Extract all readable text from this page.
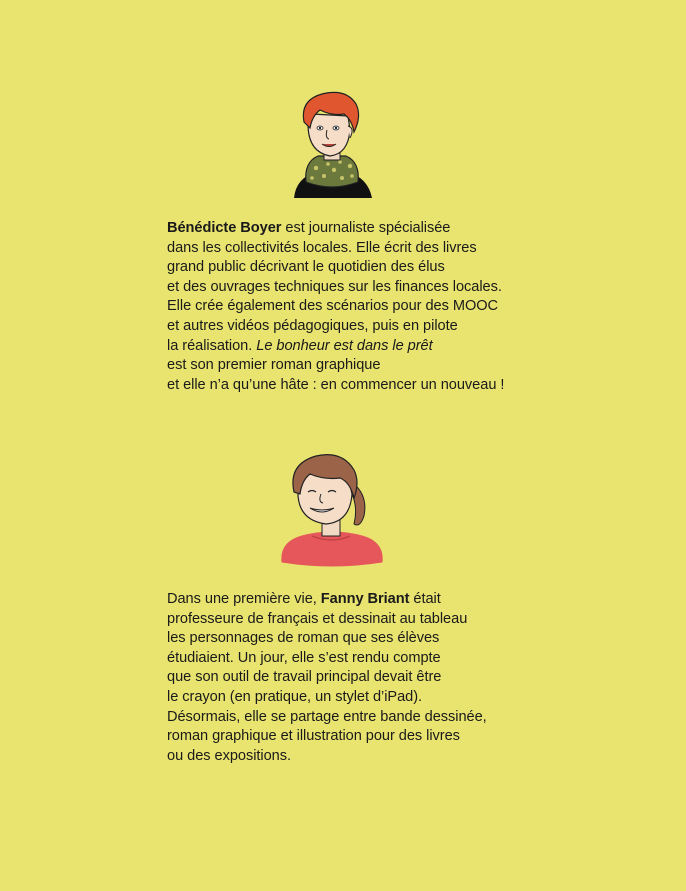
Bénédicte Boyer est journaliste spécialisée
dans les collectivités locales. Elle écrit des livres
grand public décrivant le quotidien des élus
et des ouvrages techniques sur les finances locales.
Elle crée également des scénarios pour des MOOC
et autres vidéos pédagogiques, puis en pilote
la réalisation. Le bonheur est dans le prêt
est son premier roman graphique
et elle n’a qu’une hâte : en commencer un nouveau !
Dans une première vie, Fanny Briant était
professeure de français et dessinait au tableau
les personnages de roman que ses élèves
étudiaient. Un jour, elle s’est rendu compte
que son outil de travail principal devait être
le crayon (en pratique, un stylet d’iPad).
Désormais, elle se partage entre bande dessinée,
roman graphique et illustration pour des livres
ou des expositions.
